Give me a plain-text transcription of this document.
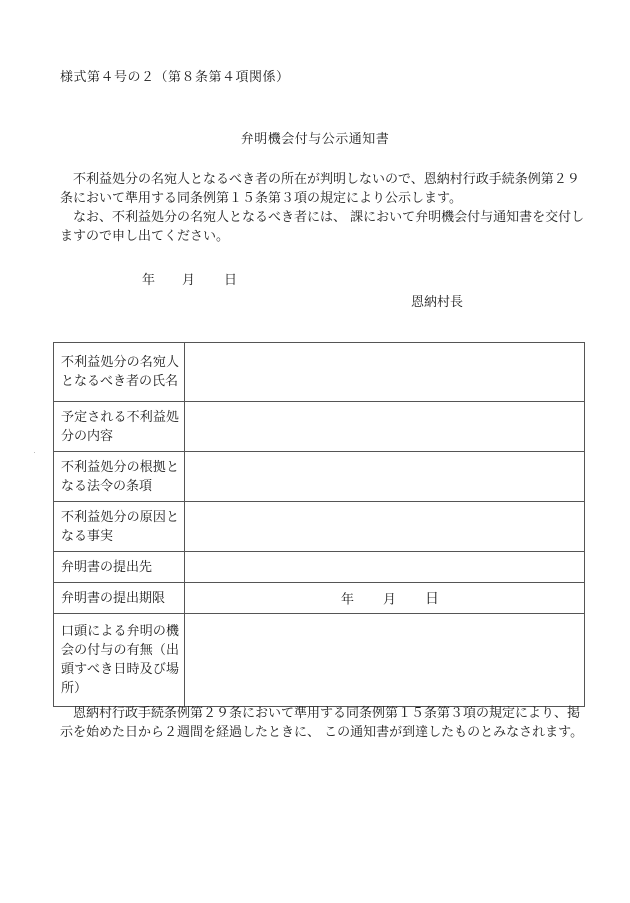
様式第４号の２（第８条第４項関係）
弁明機会付与公示通知書
　不利益処分の名宛人となるべき者の所在が判明しないので、恩納村行政手続条例第２９条において準用する同条例第１５条第３項の規定により公示します。
　なお、不利益処分の名宛人となるべき者には、 課において弁明機会付与通知書を交付しますので申し出てください。
年 月 日
恩納村長
不利益処分の名宛人となるべき者の氏名	
予定される不利益処分の内容	
不利益処分の根拠となる法令の条項	
不利益処分の原因となる事実	
弁明書の提出先	
弁明書の提出期限	年 月 日

口頭による弁明の機会の付与の有無（出頭すべき日時及び場所）	
　恩納村行政手続条例第２９条において準用する同条例第１５条第３項の規定により、掲示を始めた日から２週間を経過したときに、 この通知書が到達したものとみなされます。
